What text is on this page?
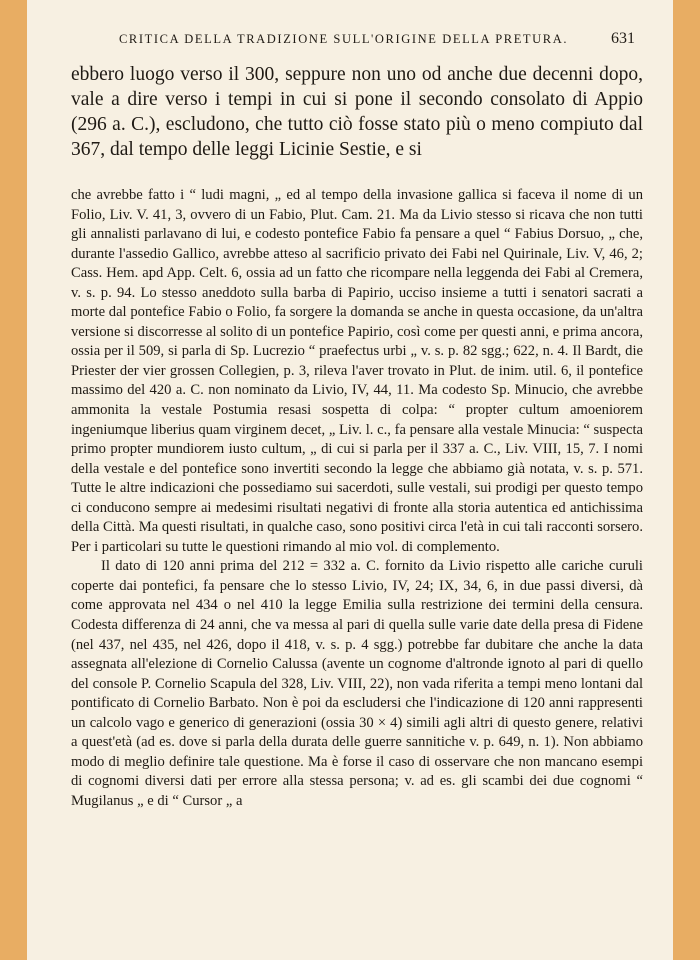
CRITICA DELLA TRADIZIONE SULL'ORIGINE DELLA PRETURA.	631

ebbero luogo verso il 300, seppure non uno od anche due decenni dopo, vale a dire verso i tempi in cui si pone il secondo consolato di Appio (296 a. C.), escludono, che tutto ciò fosse stato più o meno compiuto dal 367, dal tempo delle leggi Licinie Sestie, e si

che avrebbe fatto i “ ludi magni, „ ed al tempo della invasione gallica si faceva il nome di un Folio, Liv. V. 41, 3, ovvero di un Fabio, Plut. Cam. 21. Ma da Livio stesso si ricava che non tutti gli annalisti parlavano di lui, e codesto pontefice Fabio fa pensare a quel “ Fabius Dorsuo, „ che, durante l'assedio Gallico, avrebbe atteso al sacrificio privato dei Fabi nel Quirinale, Liv. V, 46, 2; Cass. Hem. apd App. Celt. 6, ossia ad un fatto che ricompare nella leggenda dei Fabi al Cremera, v. s. p. 94. Lo stesso aneddoto sulla barba di Papirio, ucciso insieme a tutti i senatori sacrati a morte dal pontefice Fabio o Folio, fa sorgere la domanda se anche in questa occasione, da un'altra versione si discorresse al solito di un pontefice Papirio, così come per questi anni, e prima ancora, ossia per il 509, si parla di Sp. Lucrezio “ praefectus urbi „ v. s. p. 82 sgg.; 622, n. 4. Il Bardt, die Priester der vier grossen Collegien, p. 3, rileva l'aver trovato in Plut. de inim. util. 6, il pontefice massimo del 420 a. C. non nominato da Livio, IV, 44, 11. Ma codesto Sp. Minucio, che avrebbe ammonita la vestale Postumia resasi sospetta di colpa: “ propter cultum amoeniorem ingeniumque liberius quam virginem decet, „ Liv. l. c., fa pensare alla vestale Minucia: “ suspecta primo propter mundiorem iusto cultum, „ di cui si parla per il 337 a. C., Liv. VIII, 15, 7. I nomi della vestale e del pontefice sono invertiti secondo la legge che abbiamo già notata, v. s. p. 571. Tutte le altre indicazioni che possediamo sui sacerdoti, sulle vestali, sui prodigi per questo tempo ci conducono sempre ai medesimi risultati negativi di fronte alla storia autentica ed antichissima della Città. Ma questi risultati, in qualche caso, sono positivi circa l'età in cui tali racconti sorsero. Per i particolari su tutte le questioni rimando al mio vol. di complemento.

Il dato di 120 anni prima del 212 = 332 a. C. fornito da Livio rispetto alle cariche curuli coperte dai pontefici, fa pensare che lo stesso Livio, IV, 24; IX, 34, 6, in due passi diversi, dà come approvata nel 434 o nel 410 la legge Emilia sulla restrizione dei termini della censura. Codesta differenza di 24 anni, che va messa al pari di quella sulle varie date della presa di Fidene (nel 437, nel 435, nel 426, dopo il 418, v. s. p. 4 sgg.) potrebbe far dubitare che anche la data assegnata all'elezione di Cornelio Calussa (avente un cognome d'altronde ignoto al pari di quello del console P. Cornelio Scapula del 328, Liv. VIII, 22), non vada riferita a tempi meno lontani dal pontificato di Cornelio Barbato. Non è poi da escludersi che l'indicazione di 120 anni rappresenti un calcolo vago e generico di generazioni (ossia 30 × 4) simili agli altri di questo genere, relativi a quest'età (ad es. dove si parla della durata delle guerre sannitiche v. p. 649, n. 1). Non abbiamo modo di meglio definire tale questione. Ma è forse il caso di osservare che non mancano esempi di cognomi diversi dati per errore alla stessa persona; v. ad es. gli scambi dei due cognomi “ Mugilanus „ e di “ Cursor „ a
